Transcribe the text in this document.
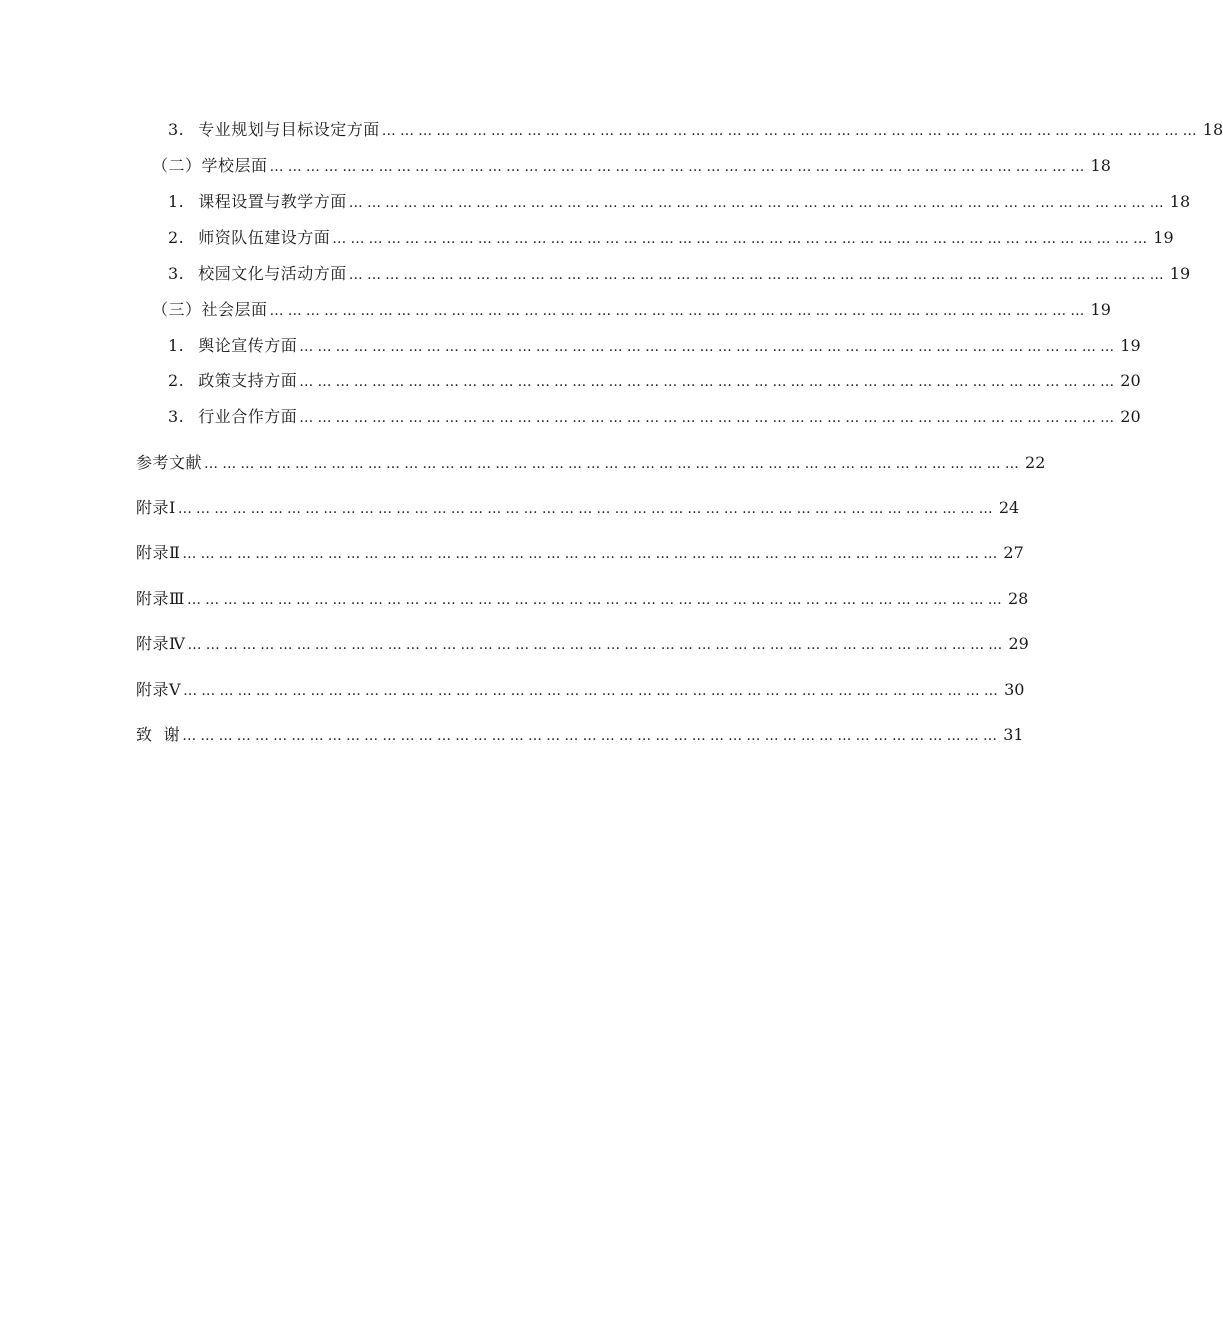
3. 专业规划与目标设定方面 ……………………………………………………………………………………………………………………… 18
（二）学校层面 ……………………………………………………………………………………………………………………… 18
1. 课程设置与教学方面 ……………………………………………………………………………………………………………………… 18
2. 师资队伍建设方面 ……………………………………………………………………………………………………………………… 19
3. 校园文化与活动方面 ……………………………………………………………………………………………………………………… 19
（三）社会层面 ……………………………………………………………………………………………………………………… 19
1. 舆论宣传方面 ……………………………………………………………………………………………………………………… 19
2. 政策支持方面 ……………………………………………………………………………………………………………………… 20
3. 行业合作方面 ……………………………………………………………………………………………………………………… 20
参考文献 ……………………………………………………………………………………………………………………… 22
附录Ⅰ ……………………………………………………………………………………………………………………… 24
附录Ⅱ ……………………………………………………………………………………………………………………… 27
附录Ⅲ ……………………………………………………………………………………………………………………… 28
附录Ⅳ ……………………………………………………………………………………………………………………… 29
附录Ⅴ ……………………………………………………………………………………………………………………… 30
致  谢 ……………………………………………………………………………………………………………………… 31
